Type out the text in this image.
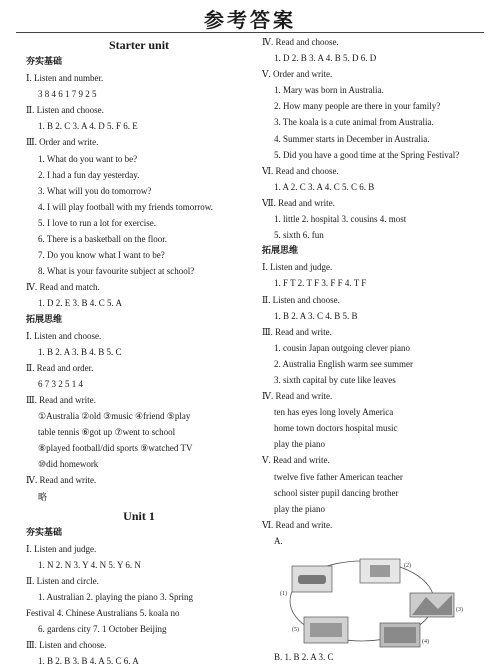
参考答案
Starter unit
夯实基础
Ⅰ. Listen and number.
3 8 4 6 1 7 9 2 5
Ⅱ. Listen and choose.
1. B 2. C 3. A 4. D 5. F 6. E
Ⅲ. Order and write.
1. What do you want to be?
2. I had a fun day yesterday.
3. What will you do tomorrow?
4. I will play football with my friends tomorrow.
5. I love to run a lot for exercise.
6. There is a basketball on the floor.
7. Do you know what I want to be?
8. What is your favourite subject at school?
Ⅳ. Read and match.
1. D 2. E 3. B 4. C 5. A
拓展思维
Ⅰ. Listen and choose.
1. B 2. A 3. B 4. B 5. C
Ⅱ. Read and order.
6 7 3 2 5 1 4
Ⅲ. Read and write.
①Australia ②old ③music ④friend ⑤play
table tennis ⑥got up ⑦went to school
⑧played football/did sports ⑨watched TV
⑩did homework
Ⅳ. Read and write.
略
Unit 1
夯实基础
Ⅰ. Listen and judge.
1. N 2. N 3. Y 4. N 5. Y 6. N
Ⅱ. Listen and circle.
1. Australian 2. playing the piano 3. Spring
Festival 4. Chinese Australians 5. koala no
6. gardens city 7. 1 October Beijing
Ⅲ. Listen and choose.
1. B 2. B 3. B 4. A 5. C 6. A
Ⅳ. Read and choose.
1. D 2. B 3. A 4. B 5. D 6. D
Ⅴ. Order and write.
1. Mary was born in Australia.
2. How many people are there in your family?
3. The koala is a cute animal from Australia.
4. Summer starts in December in Australia.
5. Did you have a good time at the Spring Festival?
Ⅵ. Read and choose.
1. A 2. C 3. A 4. C 5. C 6. B
Ⅶ. Read and write.
1. little 2. hospital 3. cousins 4. most
5. sixth 6. fun
拓展思维
Ⅰ. Listen and judge.
1. F T 2. T F 3. F F 4. T F
Ⅱ. Listen and choose.
1. B 2. A 3. C 4. B 5. B
Ⅲ. Read and write.
1. cousin Japan outgoing clever piano
2. Australia English warm see summer
3. sixth capital by cute like leaves
Ⅳ. Read and write.
ten has eyes long lovely America
home town doctors hospital music
play the piano
Ⅴ. Read and write.
twelve five father American teacher
school sister pupil dancing brother
play the piano
Ⅵ. Read and write.
A.
(1)
(2)
(3)
(4)
(5)
B. 1. B 2. A 3. C
